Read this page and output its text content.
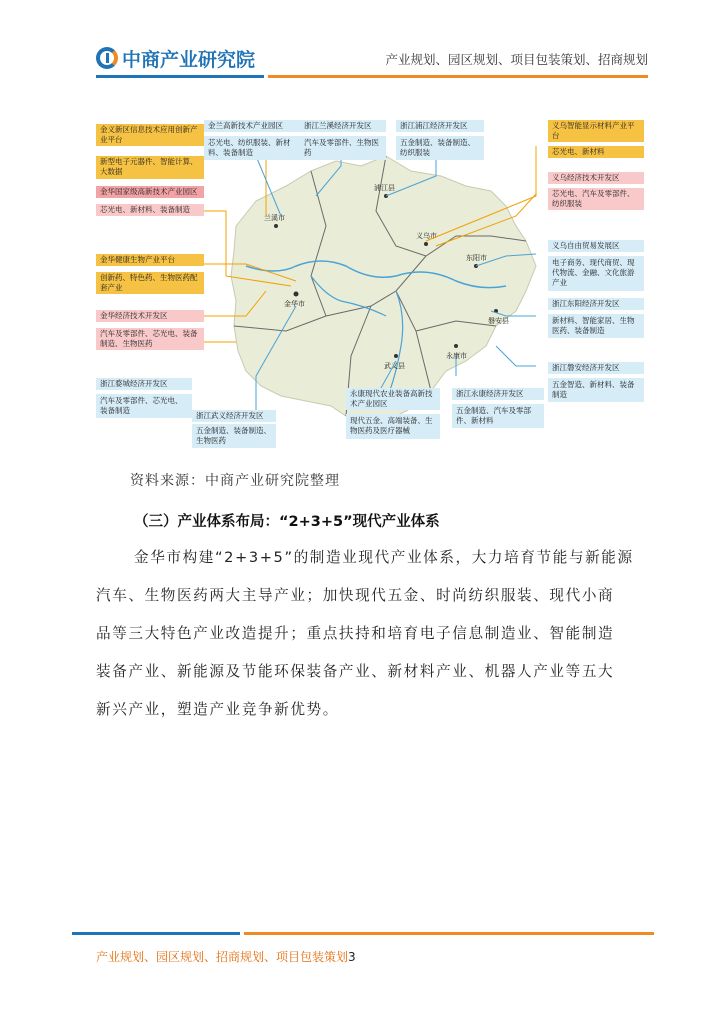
中商产业研究院	产业规划、园区规划、项目包装策划、招商规划
金华市
兰溪市
浦江县
义乌市
东阳市
武义县
永康市
磐安县
金义新区信息技术应用创新产业平台
新型电子元器件、智能计算、大数据
金华国家级高新技术产业园区
芯光电、新材料、装备制造
金华健康生物产业平台
创新药、特色药、生物医药配套产业
金华经济技术开发区
汽车及零部件、芯光电、装备制造、生物医药
浙江婺城经济开发区
汽车及零部件、芯光电、装备制造
金兰高新技术产业园区
芯光电、纺织服装、新材料、装备制造
浙江兰溪经济开发区
汽车及零部件、生物医药
浙江浦江经济开发区
五金制造、装备制造、纺织服装
义乌智能显示材料产业平台
芯光电、新材料
义乌经济技术开发区
芯光电、汽车及零部件、纺织服装
义乌自由贸易发展区
电子商务、现代商贸、现代物流、金融、文化旅游产业
浙江东阳经济开发区
新材料、智能家居、生物医药、装备制造
浙江磐安经济开发区
五金智造、新材料、装备制造
浙江永康经济开发区
五金制造、汽车及零部件、新材料
永康现代农业装备高新技术产业园区
现代五金、高端装备、生物医药及医疗器械
浙江武义经济开发区
五金制造、装备制造、生物医药
资料来源：中商产业研究院整理
（三）产业体系布局：“2+3+5”现代产业体系
金华市构建“2+3+5”的制造业现代产业体系，大力培育节能与新能源
汽车、生物医药两大主导产业；加快现代五金、时尚纺织服装、现代小商
品等三大特色产业改造提升；重点扶持和培育电子信息制造业、智能制造
装备产业、新能源及节能环保装备产业、新材料产业、机器人产业等五大
新兴产业，塑造产业竞争新优势。
产业规划、园区规划、招商规划、项目包装策划3
